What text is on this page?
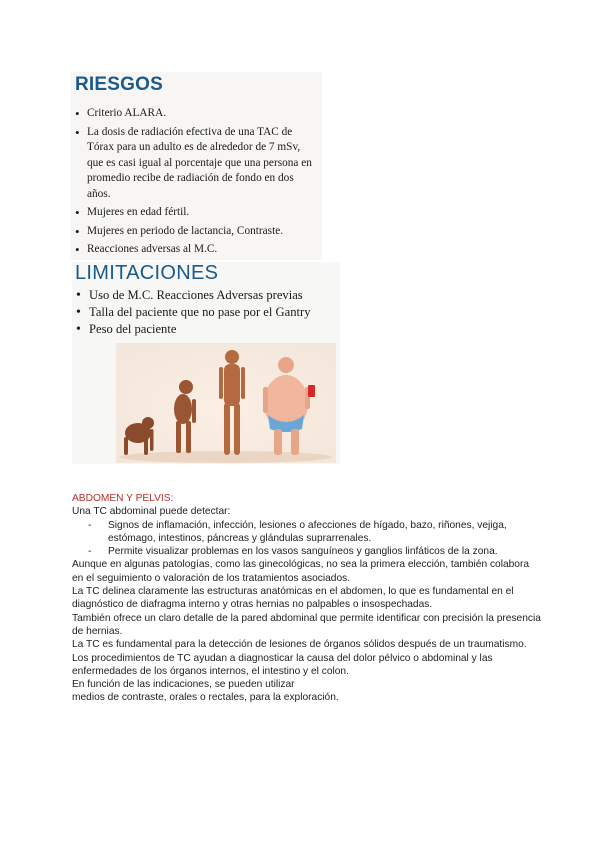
RIESGOS
• Criterio ALARA.
• La dosis de radiación efectiva de una TAC de Tórax para un adulto es de alrededor de 7 mSv, que es casi igual al porcentaje que una persona en promedio recibe de radiación de fondo en dos años.
• Mujeres en edad fértil.
• Mujeres en periodo de lactancia, Contraste.
• Reacciones adversas al M.C.
LIMITACIONES
• Uso de M.C. Reacciones Adversas previas
• Talla del paciente que no pase por el Gantry
• Peso del paciente

ABDOMEN Y PELVIS:

Una TC abdominal puede detectar:

- Signos de inflamación, infección, lesiones o afecciones de hígado, bazo, riñones, vejiga, estómago, intestinos, páncreas y glándulas suprarrenales.
- Permite visualizar problemas en los vasos sanguíneos y ganglios linfáticos de la zona.

Aunque en algunas patologías, como las ginecológicas, no sea la primera elección, también colabora en el seguimiento o valoración de los tratamientos asociados.

La TC delinea claramente las estructuras anatómicas en el abdomen, lo que es fundamental en el diagnóstico de diafragma interno y otras hernias no palpables o insospechadas.

También ofrece un claro detalle de la pared abdominal que permite identificar con precisión la presencia de hernias.

La TC es fundamental para la detección de lesiones de órganos sólidos después de un traumatismo.

Los procedimientos de TC ayudan a diagnosticar la causa del dolor pélvico o abdominal y las enfermedades de los órganos internos, el intestino y el colon.

En función de las indicaciones, se pueden utilizar

medios de contraste, orales o rectales, para la exploración.
